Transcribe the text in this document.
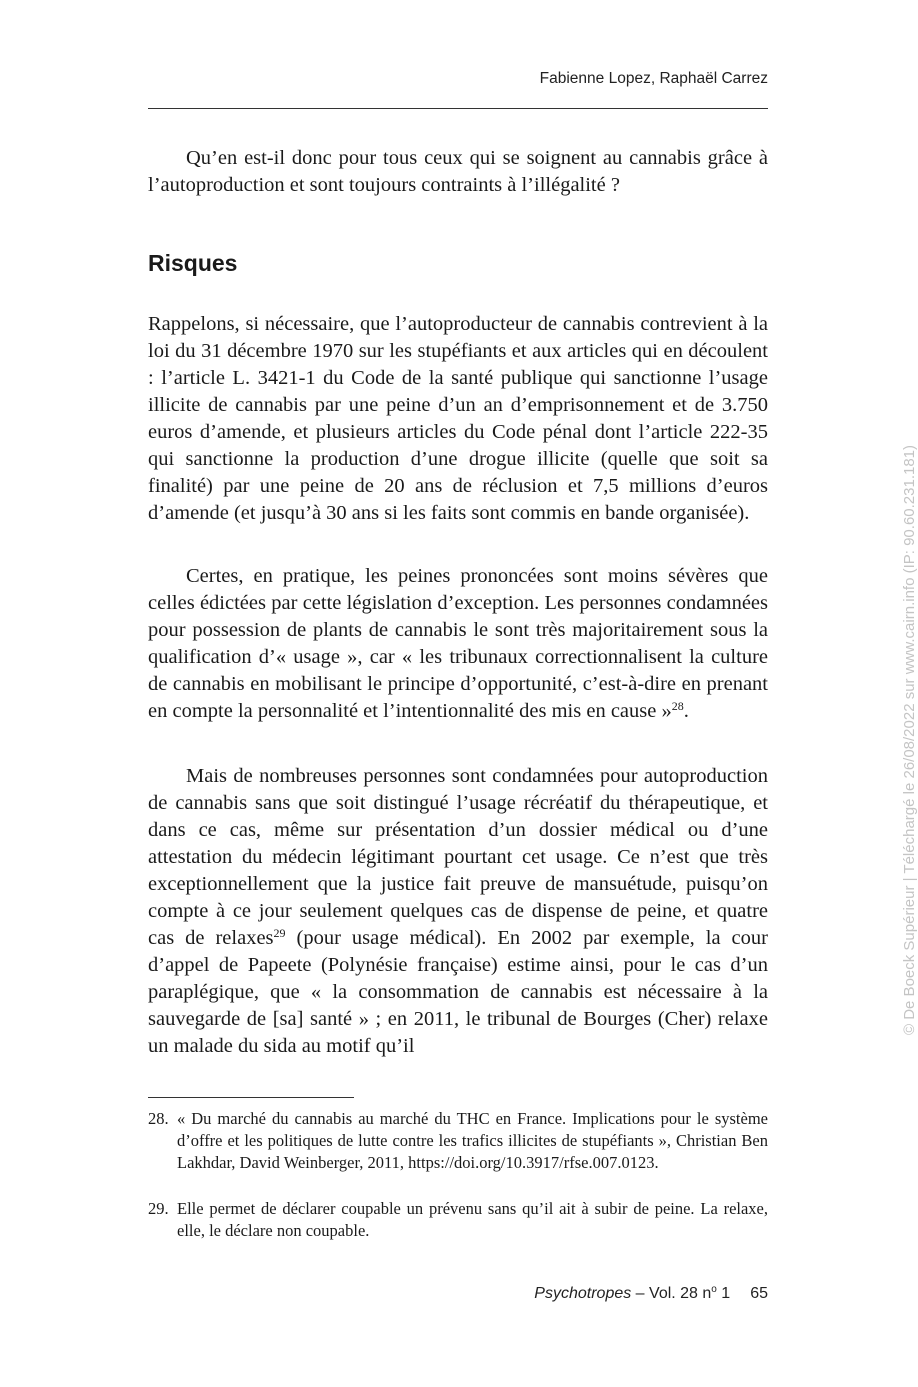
Fabienne Lopez, Raphaël Carrez

Qu’en est-il donc pour tous ceux qui se soignent au cannabis grâce à l’autoproduction et sont toujours contraints à l’illégalité ?

Risques

Rappelons, si nécessaire, que l’autoproducteur de cannabis contrevient à la loi du 31 décembre 1970 sur les stupéfiants et aux articles qui en découlent : l’article L. 3421-1 du Code de la santé publique qui sanctionne l’usage illicite de cannabis par une peine d’un an d’emprisonnement et de 3.750 euros d’amende, et plusieurs articles du Code pénal dont l’article 222-35 qui sanctionne la production d’une drogue illicite (quelle que soit sa finalité) par une peine de 20 ans de réclusion et 7,5 millions d’euros d’amende (et jusqu’à 30 ans si les faits sont commis en bande organisée).

Certes, en pratique, les peines prononcées sont moins sévères que celles édictées par cette législation d’exception. Les personnes condamnées pour possession de plants de cannabis le sont très majoritairement sous la qualification d’« usage », car « les tribunaux correctionnalisent la culture de cannabis en mobilisant le principe d’opportunité, c’est-à-dire en prenant en compte la personnalité et l’intentionnalité des mis en cause »$^{28}$.

Mais de nombreuses personnes sont condamnées pour autoproduction de cannabis sans que soit distingué l’usage récréatif du thérapeutique, et dans ce cas, même sur présentation d’un dossier médical ou d’une attestation du médecin légitimant pourtant cet usage. Ce n’est que très exceptionnellement que la justice fait preuve de mansuétude, puisqu’on compte à ce jour seulement quelques cas de dispense de peine, et quatre cas de relaxes$^{29}$ (pour usage médical). En 2002 par exemple, la cour d’appel de Papeete (Polynésie française) estime ainsi, pour le cas d’un paraplégique, que « la consommation de cannabis est nécessaire à la sauvegarde de [sa] santé » ; en 2011, le tribunal de Bourges (Cher) relaxe un malade du sida au motif qu’il

28. « Du marché du cannabis au marché du THC en France. Implications pour le système d’offre et les politiques de lutte contre les trafics illicites de stupéfiants », Christian Ben Lakhdar, David Weinberger, 2011, https://doi.org/10​.3917/rfse.007.0123.

29. Elle permet de déclarer coupable un prévenu sans qu’il ait à subir de peine. La relaxe, elle, le déclare non coupable.

Psychotropes – Vol. 28 $n^o$ 1 65
© De Boeck Supérieur | Téléchargé le 26/08/2022 sur www.cairn.info (IP: 90.60.231.181)
